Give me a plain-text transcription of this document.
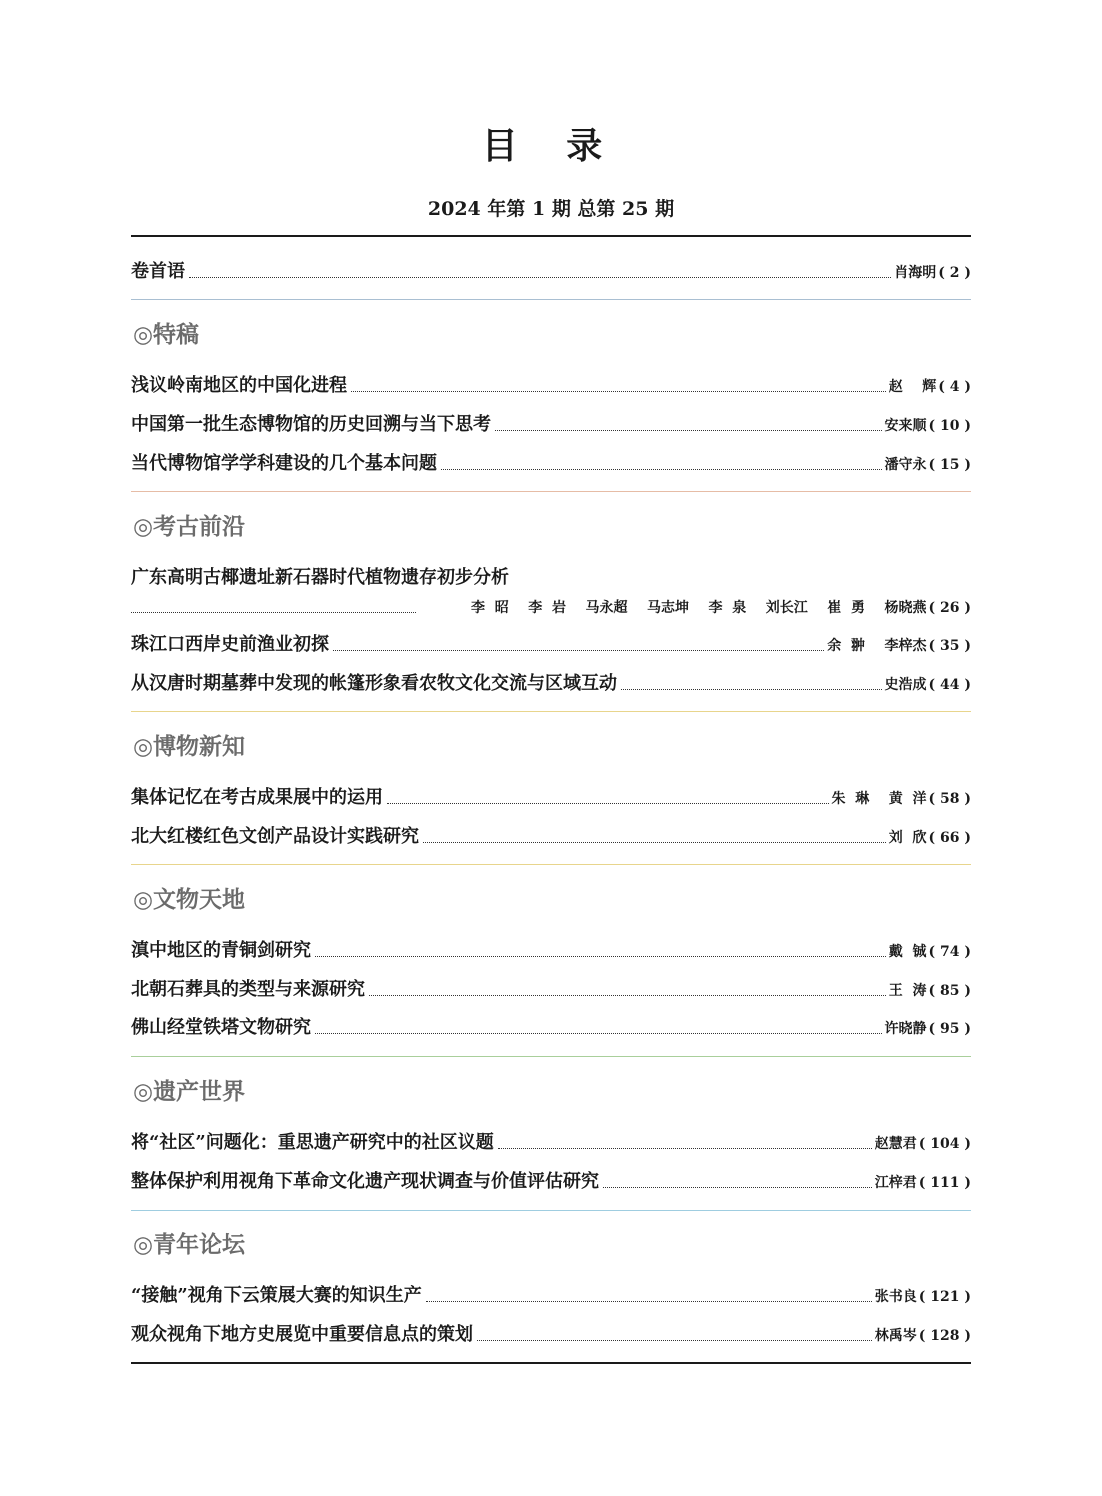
目 录
2024 年第 1 期 总第 25 期
卷首语	肖海明 ( 2 )
◎特稿
浅议岭南地区的中国化进程	赵    辉 ( 4 )
中国第一批生态博物馆的历史回溯与当下思考	安来顺 ( 10 )
当代博物馆学学科建设的几个基本问题	潘守永 ( 15 )
◎考古前沿
广东高明古椰遗址新石器时代植物遗存初步分析
李  昭    李  岩    马永超    马志坤    李  泉    刘长江    崔  勇    杨晓燕 ( 26 )
珠江口西岸史前渔业初探	余  翀    李梓杰 ( 35 )
从汉唐时期墓葬中发现的帐篷形象看农牧文化交流与区域互动	史浩成 ( 44 )
◎博物新知
集体记忆在考古成果展中的运用	朱  琳    黄  洋 ( 58 )
北大红楼红色文创产品设计实践研究	刘  欣 ( 66 )
◎文物天地
滇中地区的青铜剑研究	戴  铖 ( 74 )
北朝石葬具的类型与来源研究	王  涛 ( 85 )
佛山经堂铁塔文物研究	许晓静 ( 95 )
◎遗产世界
将“社区”问题化：重思遗产研究中的社区议题	赵慧君 ( 104 )
整体保护利用视角下革命文化遗产现状调查与价值评估研究	江梓君 ( 111 )
◎青年论坛
“接触”视角下云策展大赛的知识生产	张书良 ( 121 )
观众视角下地方史展览中重要信息点的策划	林禹岑 ( 128 )
